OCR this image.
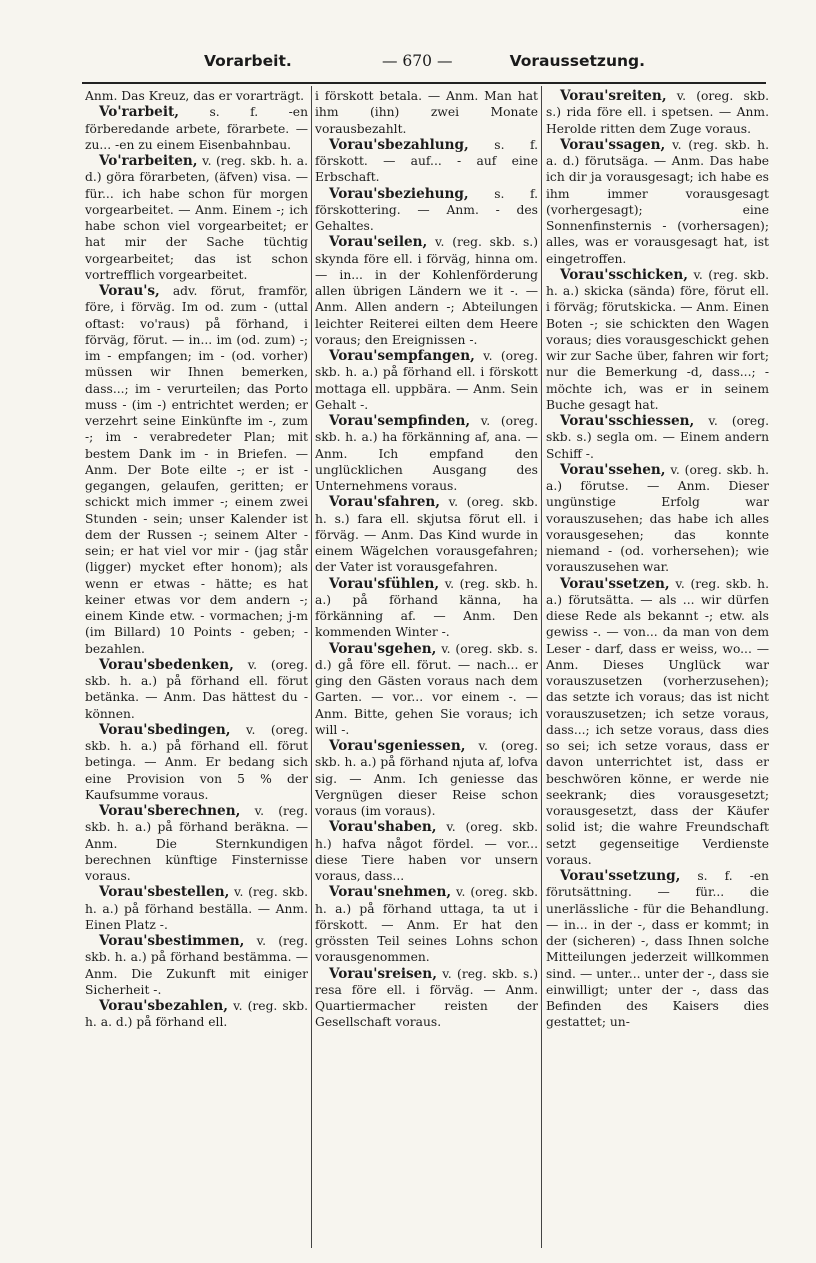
Vorarbeit.	— 670 —	Voraussetzung.

Anm. Das Kreuz, das er vorarträgt.

Vo'rarbeit, s. f. -en förberedande arbete, förarbete. — zu... -en zu einem Eisenbahnbau.

Vo'rarbeiten, v. (reg. skb. h. a. d.) göra förarbeten, (äfven) visa. — für... ich habe schon für morgen vorgearbeitet. — Anm. Einem -; ich habe schon viel vorgearbeitet; er hat mir der Sache tüchtig vorgearbeitet; das ist schon vortrefflich vorgearbeitet.

Vorau's, adv. förut, framför, före, i förväg. Im od. zum - (uttal oftast: vo'raus) på förhand, i förväg, förut. — in... im (od. zum) -; im - empfangen; im - (od. vorher) müssen wir Ihnen bemerken, dass...; im - verurteilen; das Porto muss - (im -) entrichtet werden; er verzehrt seine Einkünfte im -, zum -; im - verabredeter Plan; mit bestem Dank im - in Briefen. — Anm. Der Bote eilte -; er ist -gegangen, gelaufen, geritten; er schickt mich immer -; einem zwei Stunden - sein; unser Kalender ist dem der Russen -; seinem Alter - sein; er hat viel vor mir - (jag står (ligger) mycket efter honom); als wenn er etwas - hätte; es hat keiner etwas vor dem andern -; einem Kinde etw. - vormachen; j-m (im Billard) 10 Points - geben; -bezahlen.

Vorau'sbedenken, v. (oreg. skb. h. a.) på förhand ell. förut betänka. — Anm. Das hättest du - können.

Vorau'sbedingen, v. (oreg. skb. h. a.) på förhand ell. förut betinga. — Anm. Er bedang sich eine Provision von 5 % der Kaufsumme voraus.

Vorau'sberechnen, v. (reg. skb. h. a.) på förhand beräkna. — Anm. Die Sternkundigen berechnen künftige Finsternisse voraus.

Vorau'sbestellen, v. (reg. skb. h. a.) på förhand beställa. — Anm. Einen Platz -.

Vorau'sbestimmen, v. (reg. skb. h. a.) på förhand bestämma. — Anm. Die Zukunft mit einiger Sicherheit -.

Vorau'sbezahlen, v. (reg. skb. h. a. d.) på förhand ell.

i förskott betala. — Anm. Man hat ihm (ihn) zwei Monate vorausbezahlt.

Vorau'sbezahlung, s. f. förskott. — auf... - auf eine Erbschaft.

Vorau'sbeziehung, s. f. förskottering. — Anm. - des Gehaltes.

Vorau'seilen, v. (reg. skb. s.) skynda före ell. i förväg, hinna om. — in... in der Kohlenförderung allen übrigen Ländern we it -. — Anm. Allen andern -; Abteilungen leichter Reiterei eilten dem Heere voraus; den Ereignissen -.

Vorau'sempfangen, v. (oreg. skb. h. a.) på förhand ell. i förskott mottaga ell. uppbära. — Anm. Sein Gehalt -.

Vorau'sempfinden, v. (oreg. skb. h. a.) ha förkänning af, ana. — Anm. Ich empfand den unglücklichen Ausgang des Unternehmens voraus.

Vorau'sfahren, v. (oreg. skb. h. s.) fara ell. skjutsa förut ell. i förväg. — Anm. Das Kind wurde in einem Wägelchen vorausgefahren; der Vater ist vorausgefahren.

Vorau'sfühlen, v. (reg. skb. h. a.) på förhand känna, ha förkänning af. — Anm. Den kommenden Winter -.

Vorau'sgehen, v. (oreg. skb. s. d.) gå före ell. förut. — nach... er ging den Gästen voraus nach dem Garten. — vor... vor einem -. — Anm. Bitte, gehen Sie voraus; ich will -.

Vorau'sgeniessen, v. (oreg. skb. h. a.) på förhand njuta af, lofva sig. — Anm. Ich geniesse das Vergnügen dieser Reise schon voraus (im voraus).

Vorau'shaben, v. (oreg. skb. h.) hafva något fördel. — vor... diese Tiere haben vor unsern voraus, dass...

Vorau'snehmen, v. (oreg. skb. h. a.) på förhand uttaga, ta ut i förskott. — Anm. Er hat den grössten Teil seines Lohns schon vorausgenommen.

Vorau'sreisen, v. (reg. skb. s.) resa före ell. i förväg. — Anm. Quartiermacher reisten der Gesellschaft voraus.

Vorau'sreiten, v. (oreg. skb. s.) rida före ell. i spetsen. — Anm. Herolde ritten dem Zuge voraus.

Vorau'ssagen, v. (reg. skb. h. a. d.) förutsäga. — Anm. Das habe ich dir ja vorausgesagt; ich habe es ihm immer vorausgesagt (vorhergesagt); eine Sonnenfinsternis - (vorhersagen); alles, was er vorausgesagt hat, ist eingetroffen.

Vorau'sschicken, v. (reg. skb. h. a.) skicka (sända) före, förut ell. i förväg; förutskicka. — Anm. Einen Boten -; sie schickten den Wagen voraus; dies vorausgeschickt gehen wir zur Sache über, fahren wir fort; nur die Bemerkung -d, dass...; - möchte ich, was er in seinem Buche gesagt hat.

Vorau'sschiessen, v. (oreg. skb. s.) segla om. — Einem andern Schiff -.

Vorau'ssehen, v. (oreg. skb. h. a.) förutse. — Anm. Dieser ungünstige Erfolg war vorauszusehen; das habe ich alles vorausgesehen; das konnte niemand - (od. vorhersehen); wie vorauszusehen war.

Vorau'ssetzen, v. (reg. skb. h. a.) förutsätta. — als ... wir dürfen diese Rede als bekannt -; etw. als gewiss -. — von... da man von dem Leser - darf, dass er weiss, wo... — Anm. Dieses Unglück war vorauszusetzen (vorherzusehen); das setzte ich voraus; das ist nicht vorauszusetzen; ich setze voraus, dass...; ich setze voraus, dass dies so sei; ich setze voraus, dass er davon unterrichtet ist, dass er beschwören könne, er werde nie seekrank; dies vorausgesetzt; vorausgesetzt, dass der Käufer solid ist; die wahre Freundschaft setzt gegenseitige Verdienste voraus.

Vorau'ssetzung, s. f. -en förutsättning. — für... die unerlässliche - für die Behandlung. — in... in der -, dass er kommt; in der (sicheren) -, dass Ihnen solche Mitteilungen jederzeit willkommen sind. — unter... unter der -, dass sie einwilligt; unter der -, dass das Befinden des Kaisers dies gestattet; un-
